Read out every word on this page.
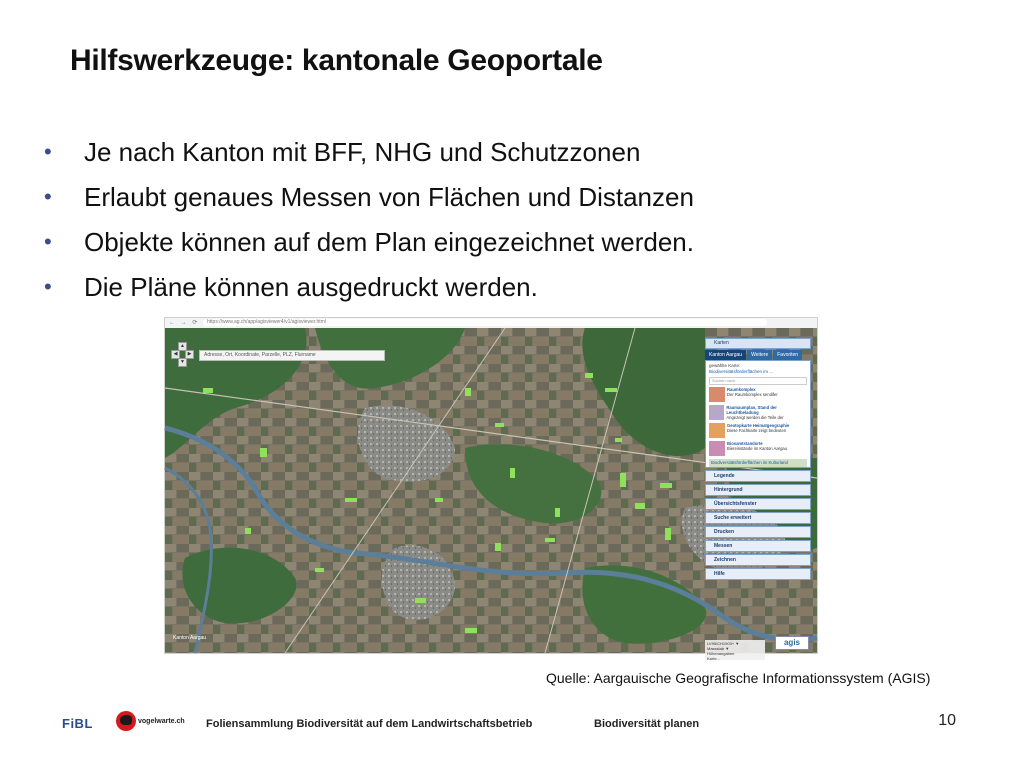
Hilfswerkzeuge: kantonale Geoportale
• Je nach Kanton mit BFF, NHG und Schutzzonen
• Erlaubt genaues Messen von Flächen und Distanzen
• Objekte können auf dem Plan eingezeichnet werden.
• Die Pläne können ausgedruckt werden.
← → ⟳	https://www.ag.ch/app/agisviewer4/v1/agisviewer.html
▲
◀	▶
▼
Adresse, Ort, Koordinate, Parzelle, PLZ, Flurname
Karten
Kanton Aargau	Weitere	Favoriten
gewählte Karte:
Biodiversitätsförderflächen im ...
Suchen nach
Raumkomplex
Der Raumkomplex sendifer
Raumaumplan, Stand der Leuchtbeladung
Angezeigt werden die Teile der
Geotopkarte Heimatgeographie
Diese Fachkarte zeigt bedeuten
Biosamtstandorte
Biereinstände im Kanton Aargau
Biodiversitätsförderflächen im Kulturland
Legende
Hintergrund
Übersichtsfenster
Suche erweitert
Drucken
Messen
Zeichnen
Hilfe
Kanton Aargau
LV95/CH1903+ ▼
Massstab ▼
Höhenangaben
Karte...
agis
Quelle: Aargauische Geografische Informationssystem (AGIS)
FiBL	vogelwarte.ch Foliensammlung Biodiversität auf dem Landwirtschaftsbetrieb	Biodiversität planen	10
